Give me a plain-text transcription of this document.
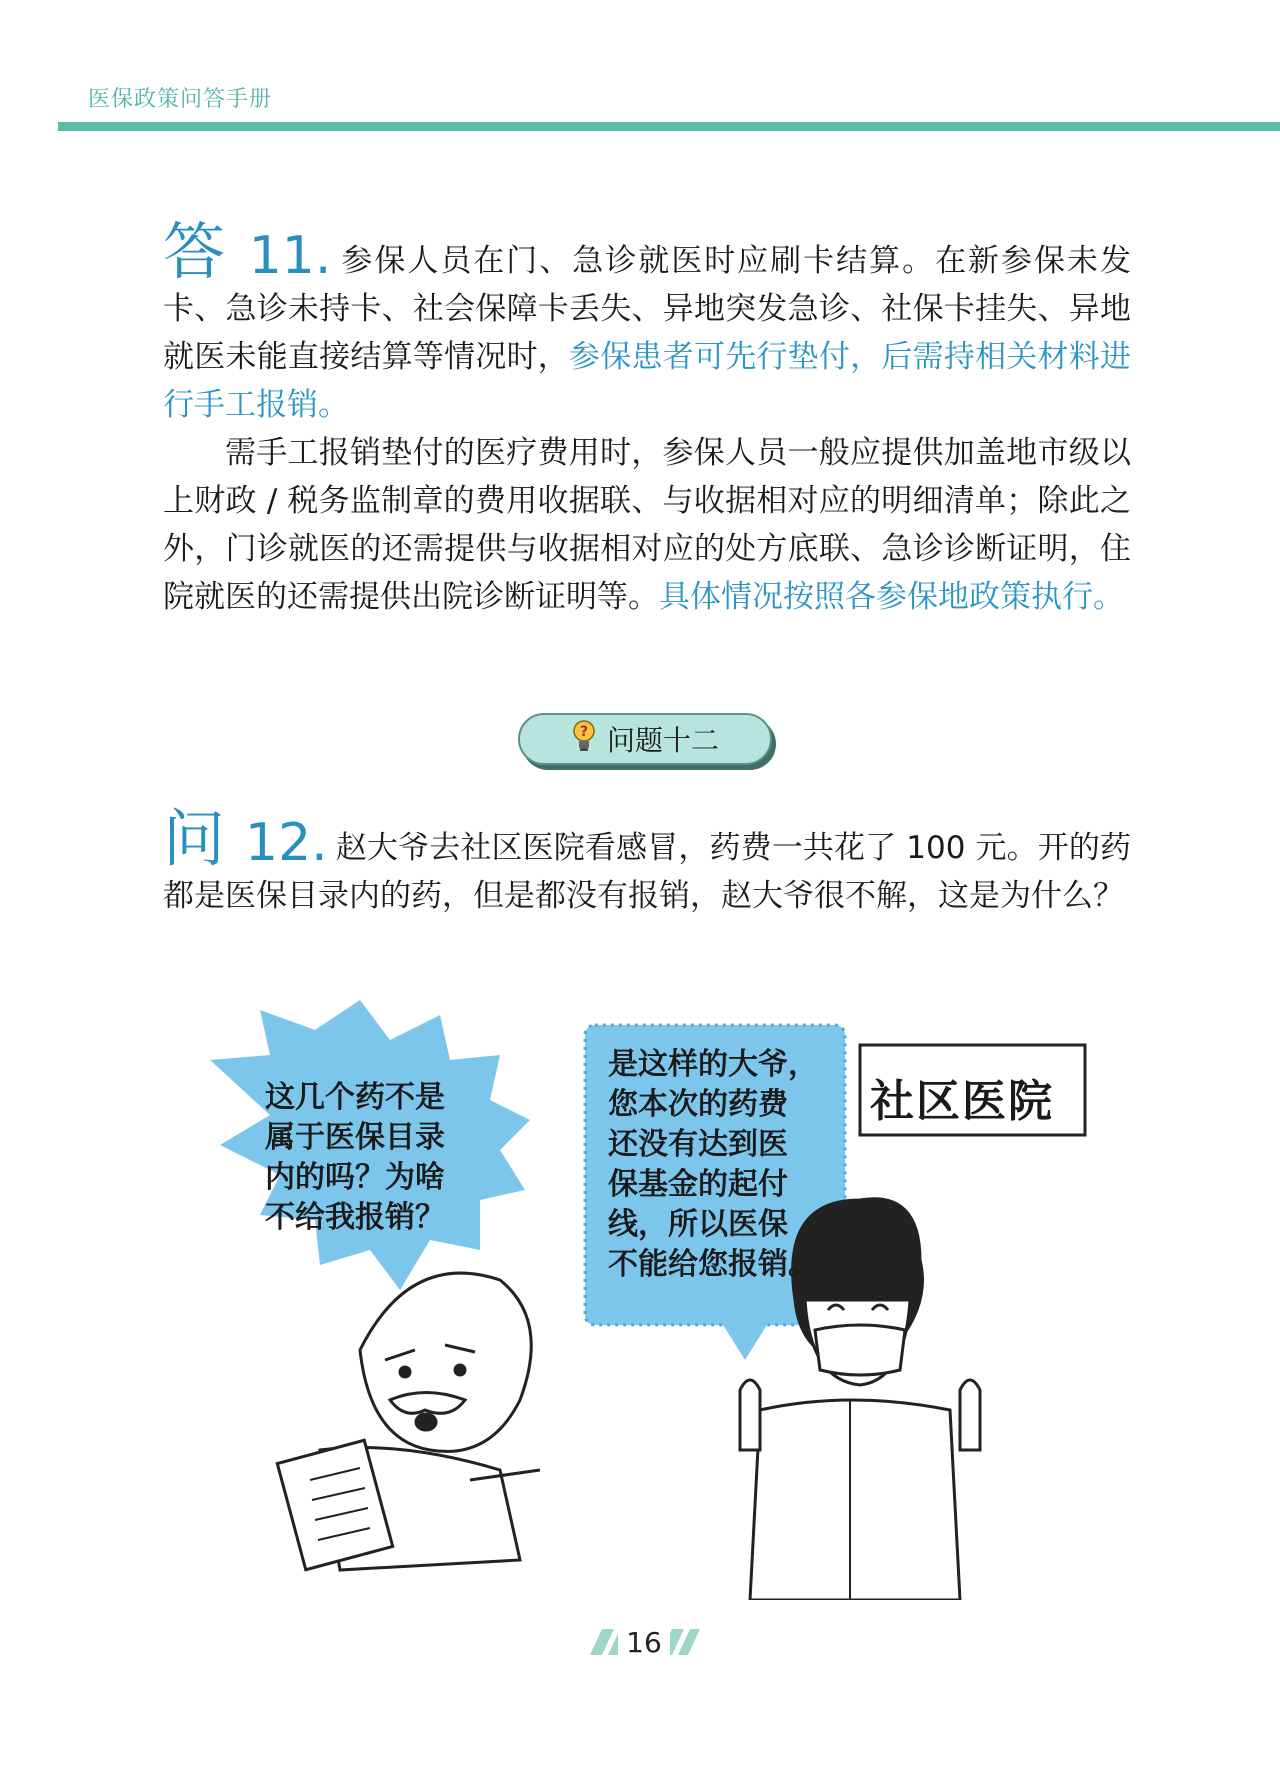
医保政策问答手册

答 11. 参保人员在门、急诊就医时应刷卡结算。在新参保未发卡、急诊未持卡、社会保障卡丢失、异地突发急诊、社保卡挂失、异地就医未能直接结算等情况时，参保患者可先行垫付，后需持相关材料进行手工报销。

需手工报销垫付的医疗费用时，参保人员一般应提供加盖地市级以上财政 / 税务监制章的费用收据联、与收据相对应的明细清单；除此之外，门诊就医的还需提供与收据相对应的处方底联、急诊诊断证明，住院就医的还需提供出院诊断证明等。具体情况按照各参保地政策执行。

? 问题十二

问 12. 赵大爷去社区医院看感冒，药费一共花了 100 元。开的药都是医保目录内的药，但是都没有报销，赵大爷很不解，这是为什么？

这几个药不是
属于医保目录
内的吗？为啥
不给我报销？
是这样的大爷，
您本次的药费
还没有达到医
保基金的起付
线，所以医保
不能给您报销。
社区医院
16
